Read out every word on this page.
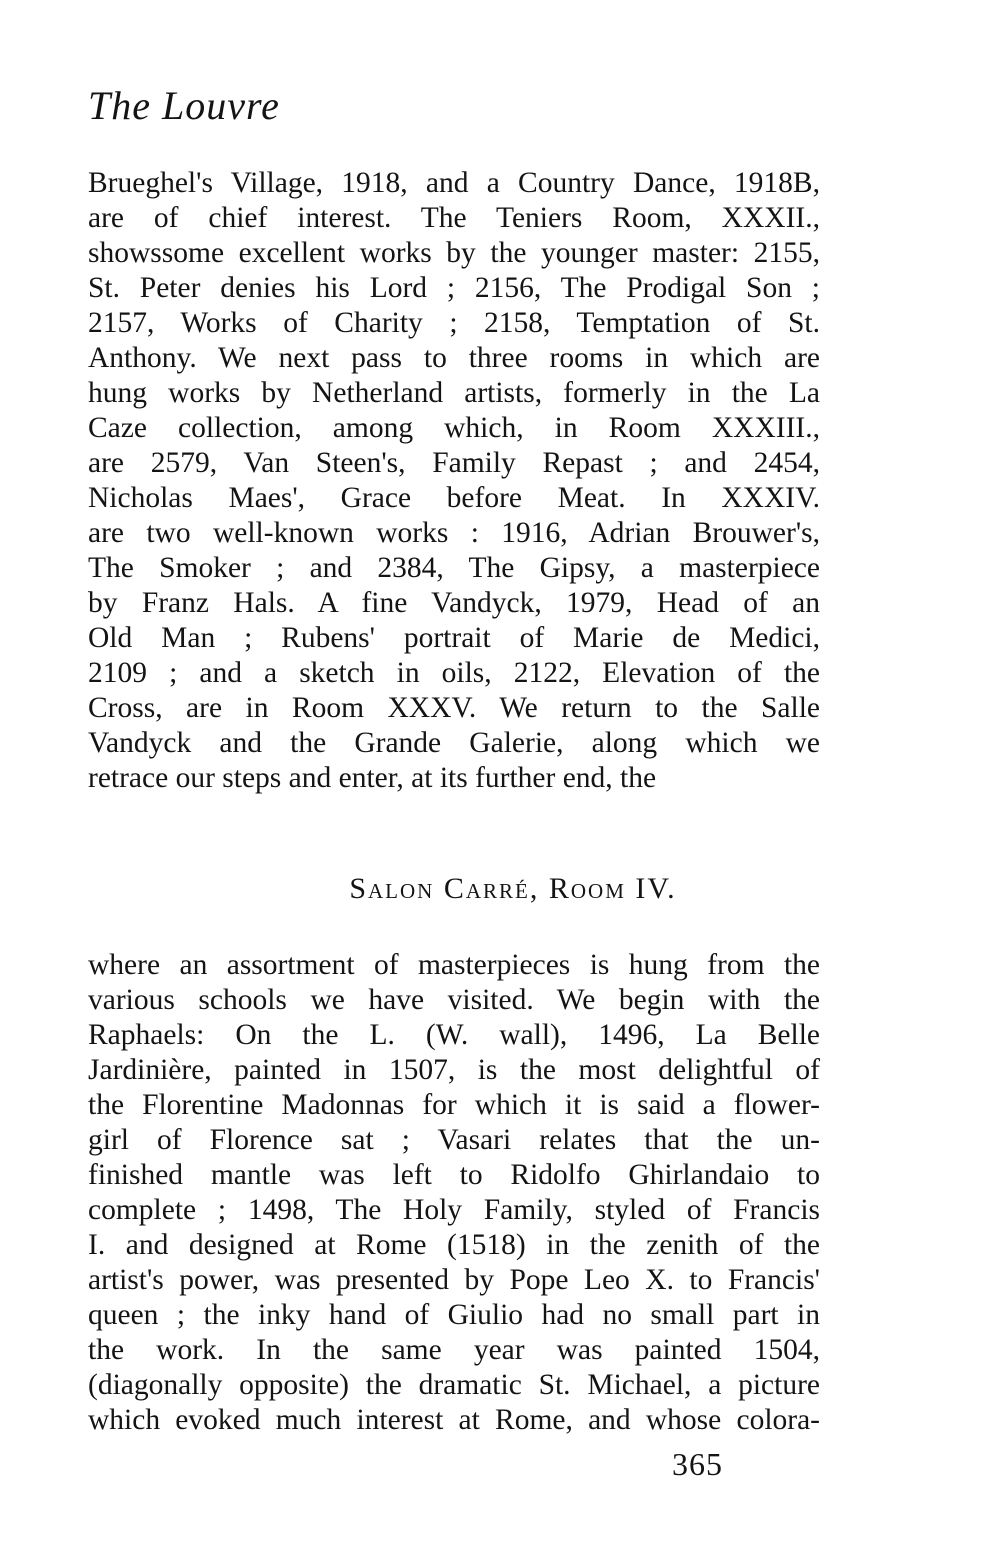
The Louvre
Brueghel's Village, 1918, and a Country Dance, 1918B,
are of chief interest. The Teniers Room, XXXII.,
showssome excellent works by the younger master: 2155,
St. Peter denies his Lord ; 2156, The Prodigal Son ;
2157, Works of Charity ; 2158, Temptation of St.
Anthony. We next pass to three rooms in which are
hung works by Netherland artists, formerly in the La
Caze collection, among which, in Room XXXIII.,
are 2579, Van Steen's, Family Repast ; and 2454,
Nicholas Maes', Grace before Meat. In XXXIV.
are two well-known works : 1916, Adrian Brouwer's,
The Smoker ; and 2384, The Gipsy, a masterpiece
by Franz Hals. A fine Vandyck, 1979, Head of an
Old Man ; Rubens' portrait of Marie de Medici,
2109 ; and a sketch in oils, 2122, Elevation of the
Cross, are in Room XXXV. We return to the Salle
Vandyck and the Grande Galerie, along which we
retrace our steps and enter, at its further end, the
Salon Carré, Room IV.
where an assortment of masterpieces is hung from the
various schools we have visited. We begin with the
Raphaels: On the L. (W. wall), 1496, La Belle
Jardinière, painted in 1507, is the most delightful of
the Florentine Madonnas for which it is said a flower-
girl of Florence sat ; Vasari relates that the un-
finished mantle was left to Ridolfo Ghirlandaio to
complete ; 1498, The Holy Family, styled of Francis
I. and designed at Rome (1518) in the zenith of the
artist's power, was presented by Pope Leo X. to Francis'
queen ; the inky hand of Giulio had no small part in
the work. In the same year was painted 1504,
(diagonally opposite) the dramatic St. Michael, a picture
which evoked much interest at Rome, and whose colora-
365
